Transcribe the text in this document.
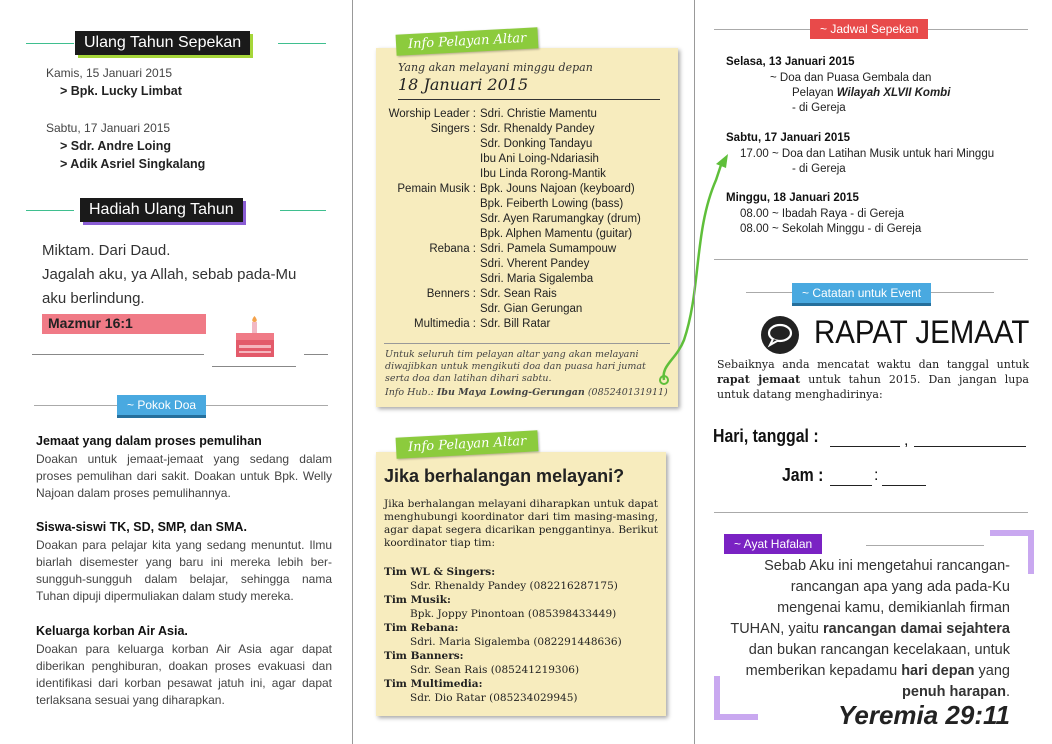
Ulang Tahun Sepekan
Kamis, 15 Januari 2015
> Bpk. Lucky Limbat
Sabtu, 17 Januari 2015
> Sdr. Andre Loing
> Adik Asriel Singkalang
Hadiah Ulang Tahun
Miktam. Dari Daud.
Jagalah aku, ya Allah, sebab pada-Mu
aku berlindung.
Mazmur 16:1
~ Pokok Doa
Jemaat yang dalam proses pemulihan
Doakan untuk jemaat-jemaat yang sedang dalam proses pemulihan dari sakit. Doakan untuk Bpk. Welly Najoan dalam proses pemulihannya.
Siswa-siswi TK, SD, SMP, dan SMA.
Doakan para pelajar kita yang sedang menuntut. Ilmu biarlah disemester yang baru ini mereka lebih ber-sungguh-sungguh dalam belajar, sehingga nama Tuhan dipuji dipermuliakan dalam study mereka.
Keluarga korban Air Asia.
Doakan para keluarga korban Air Asia agar dapat diberikan penghiburan, doakan proses evakuasi dan identifikasi dari korban pesawat jatuh ini, agar dapat terlaksana sesuai yang diharapkan.
Info Pelayan Altar
Yang akan melayani minggu depan
18 Januari 2015
Worship Leader : Sdri. Christie Mamentu
Singers : Sdr. Rhenaldy Pandey
Sdr. Donking Tandayu
Ibu Ani Loing-Ndariasih
Ibu Linda Rorong-Mantik
Pemain Musik : Bpk. Jouns Najoan (keyboard)
Bpk. Feiberth Lowing (bass)
Sdr. Ayen Rarumangkay (drum)
Bpk. Alphen Mamentu (guitar)
Rebana : Sdri. Pamela Sumampouw
Sdri. Vherent Pandey
Sdri. Maria Sigalemba
Benners : Sdr. Sean Rais
Sdr. Gian Gerungan
Multimedia : Sdr. Bill Ratar
Untuk seluruh tim pelayan altar yang akan melayani diwajibkan untuk mengikuti doa dan puasa hari jumat serta doa dan latihan dihari sabtu.
Info Hub.: Ibu Maya Lowing-Gerungan (085240131911)
Info Pelayan Altar
Jika berhalangan melayani?
Jika berhalangan melayani diharapkan untuk dapat menghubungi koordinator dari tim masing-masing, agar dapat segera dicarikan penggantinya. Berikut koordinator tiap tim:
Tim WL & Singers:
Sdr. Rhenaldy Pandey (082216287175)
Tim Musik:
Bpk. Joppy Pinontoan (085398433449)
Tim Rebana:
Sdri. Maria Sigalemba (082291448636)
Tim Banners:
Sdr. Sean Rais (085241219306)
Tim Multimedia:
Sdr. Dio Ratar (085234029945)
~ Jadwal Sepekan
Selasa, 13 Januari 2015
~ Doa dan Puasa Gembala dan
Pelayan Wilayah XLVII Kombi
- di Gereja
Sabtu, 17 Januari 2015
17.00 ~ Doa dan Latihan Musik untuk hari Minggu
- di Gereja
Minggu, 18 Januari 2015
08.00 ~ Ibadah Raya - di Gereja
08.00 ~ Sekolah Minggu - di Gereja
~ Catatan untuk Event
RAPAT JEMAAT
Sebaiknya anda mencatat waktu dan tanggal untuk rapat jemaat untuk tahun 2015. Dan jangan lupa untuk datang menghadirinya:
Hari, tanggal :	,
Jam :	:
~ Ayat Hafalan
Sebab Aku ini mengetahui rancangan-
rancangan apa yang ada pada-Ku
mengenai kamu, demikianlah firman
TUHAN, yaitu rancangan damai sejahtera
dan bukan rancangan kecelakaan, untuk
memberikan kepadamu hari depan yang
penuh harapan.
Yeremia 29:11
